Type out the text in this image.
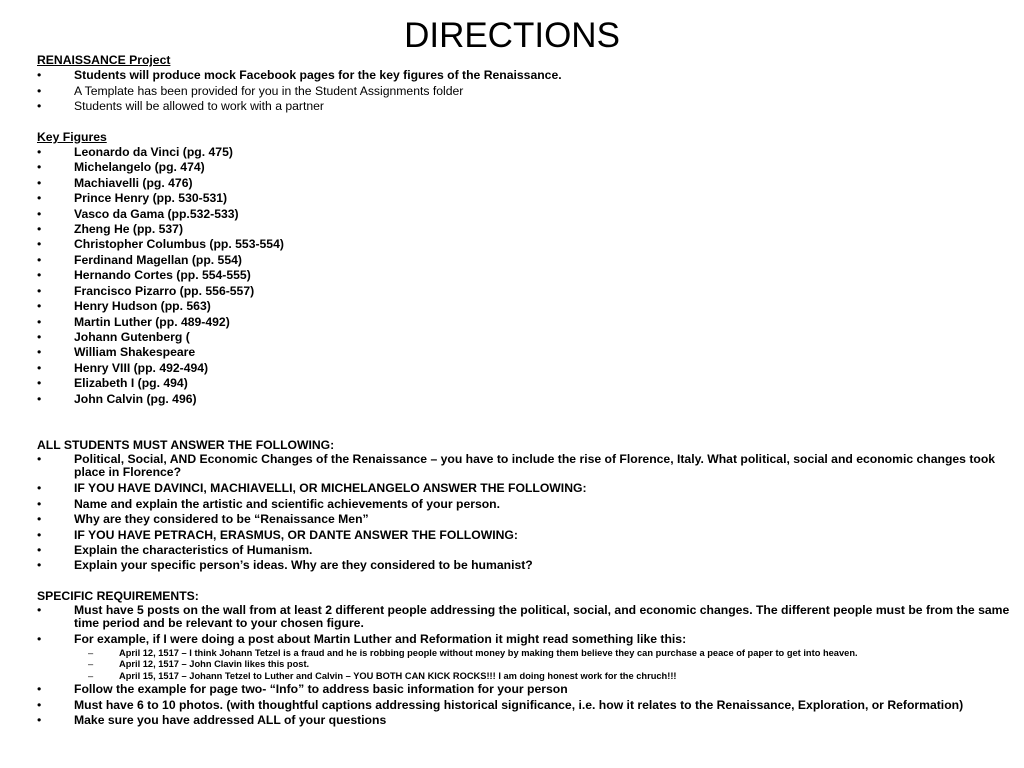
DIRECTIONS

RENAISSANCE Project

•	Students will produce mock Facebook pages for the key figures of the Renaissance.
•	A Template has been provided for you in the Student Assignments folder
•	Students will be allowed to work with a partner

Key Figures

•	Leonardo da Vinci (pg. 475)
•	Michelangelo (pg. 474)
•	Machiavelli (pg. 476)
•	Prince Henry (pp. 530-531)
•	Vasco da Gama (pp.532-533)
•	Zheng He (pp. 537)
•	Christopher Columbus (pp. 553-554)
•	Ferdinand Magellan (pp. 554)
•	Hernando Cortes (pp. 554-555)
•	Francisco Pizarro (pp. 556-557)
•	Henry Hudson (pp. 563)
•	Martin Luther (pp. 489-492)
•	Johann Gutenberg (
•	William Shakespeare
•	Henry VIII (pp. 492-494)
•	Elizabeth I (pg. 494)
•	John Calvin (pg. 496)

ALL STUDENTS MUST ANSWER THE FOLLOWING:

•	Political, Social, AND Economic Changes of the Renaissance – you have to include the rise of Florence, Italy. What political, social and economic changes took place in Florence?
•	IF YOU HAVE DAVINCI, MACHIAVELLI, OR MICHELANGELO ANSWER THE FOLLOWING:
•	Name and explain the artistic and scientific achievements of your person.
•	Why are they considered to be “Renaissance Men”
•	IF YOU HAVE PETRACH, ERASMUS, OR DANTE ANSWER THE FOLLOWING:
•	Explain the characteristics of Humanism.
•	Explain your specific person’s ideas. Why are they considered to be humanist?

SPECIFIC REQUIREMENTS:

•	Must have 5 posts on the wall from at least 2 different people addressing the political, social, and economic changes. The different people must be from the same time period and be relevant to your chosen figure.
•	For example, if I were doing a post about Martin Luther and Reformation it might read something like this:
–	April 12, 1517 – I think Johann Tetzel is a fraud and he is robbing people without money by making them believe they can purchase a peace of paper to get into heaven.
–	April 12, 1517 – John Clavin likes this post.
–	April 15, 1517 – Johann Tetzel to Luther and Calvin – YOU BOTH CAN KICK ROCKS!!! I am doing honest work for the chruch!!!
•	Follow the example for page two- “Info” to address basic information for your person
•	Must have 6 to 10 photos. (with thoughtful captions addressing historical significance, i.e. how it relates to the Renaissance, Exploration, or Reformation)
•	Make sure you have addressed ALL of your questions
